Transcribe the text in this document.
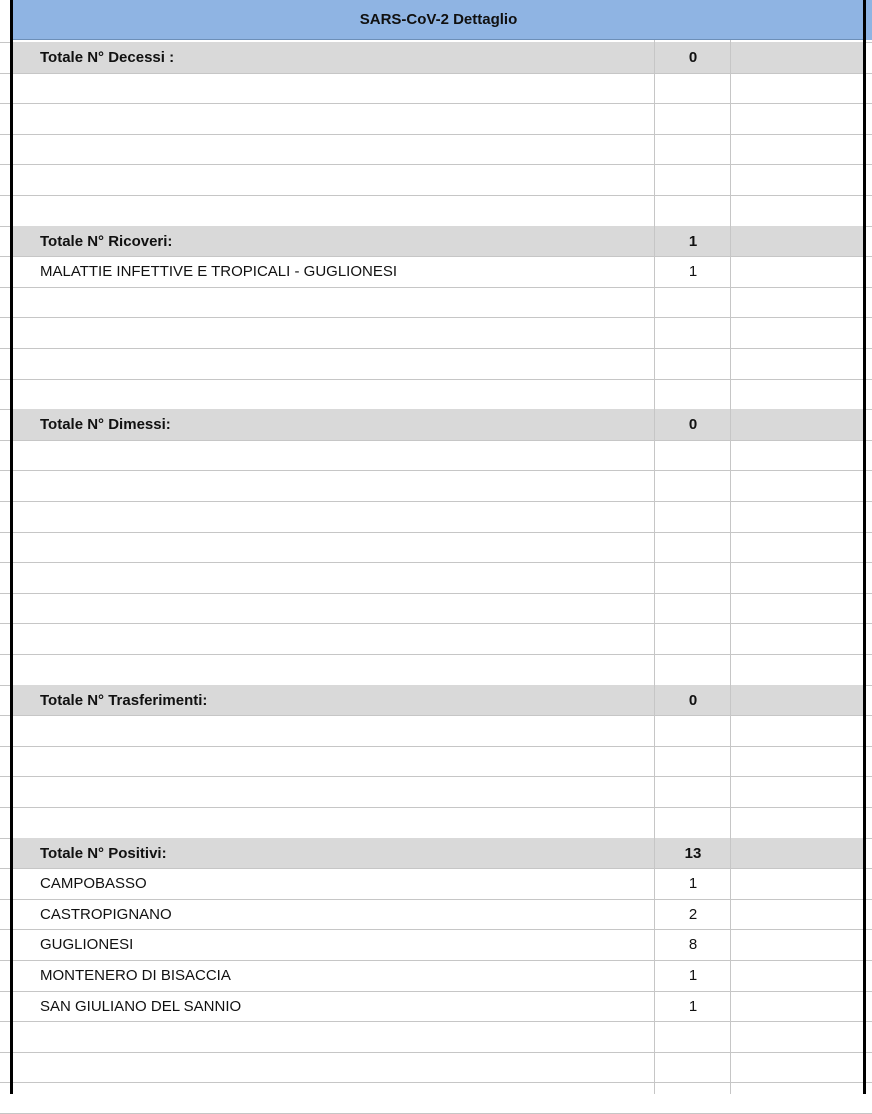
SARS-CoV-2 Dettaglio
Totale N° Decessi :	0
Totale N° Ricoveri:	1
MALATTIE INFETTIVE E TROPICALI - GUGLIONESI	1
Totale N° Dimessi:	0
Totale N° Trasferimenti:	0
Totale N° Positivi:	13
CAMPOBASSO	1
CASTROPIGNANO	2
GUGLIONESI	8
MONTENERO DI BISACCIA	1
SAN GIULIANO DEL SANNIO	1
